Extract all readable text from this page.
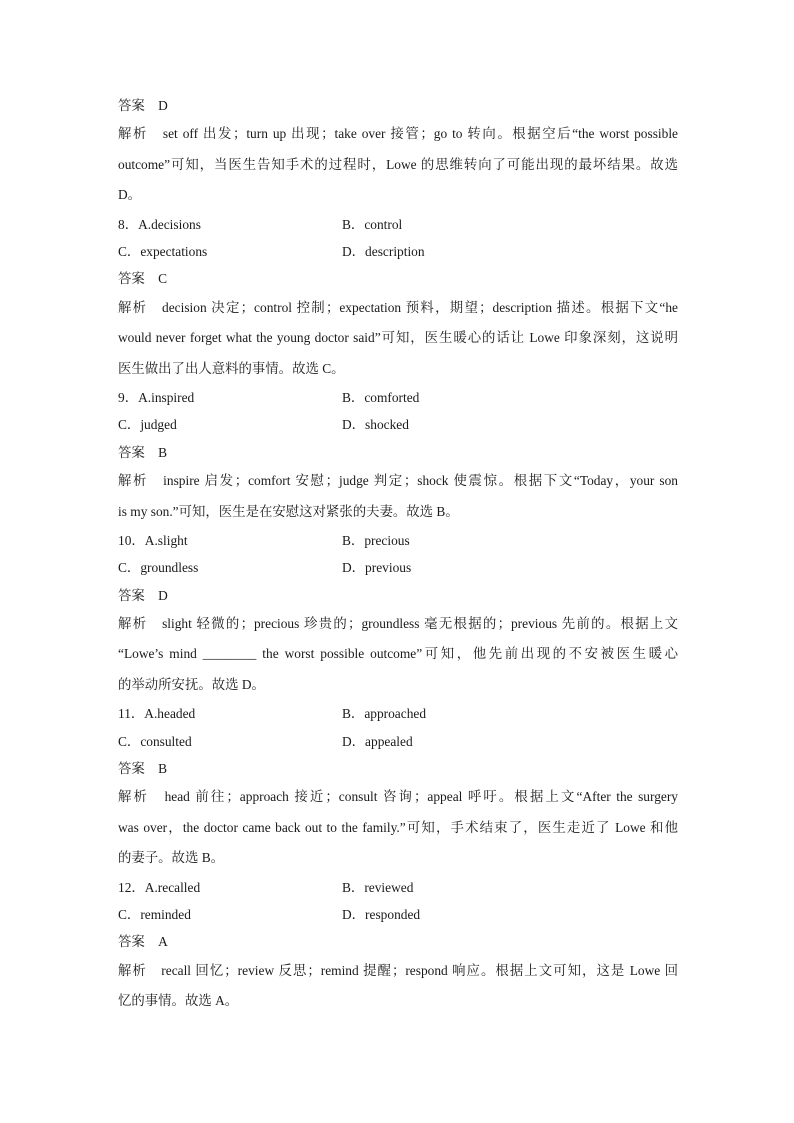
答案　D
解析　set off 出发；turn up 出现；take over 接管；go to 转向。根据空后“the worst possible
outcome”可知，当医生告知手术的过程时，Lowe 的思维转向了可能出现的最坏结果。故选
D。
8．A.decisions	B．control
C．expectations	D．description
答案　C
解析　decision 决定；control 控制；expectation 预料，期望；description 描述。根据下文“he
would never forget what the young doctor said”可知，医生暖心的话让 Lowe 印象深刻，这说明
医生做出了出人意料的事情。故选 C。
9．A.inspired	B．comforted
C．judged	D．shocked
答案　B
解析　inspire 启发；comfort 安慰；judge 判定；shock 使震惊。根据下文“Today，your son
is my son.”可知，医生是在安慰这对紧张的夫妻。故选 B。
10．A.slight	B．precious
C．groundless	D．previous
答案　D
解析　slight 轻微的；precious 珍贵的；groundless 毫无根据的；previous 先前的。根据上文
“Lowe’s mind ________ the worst possible outcome”可知，他先前出现的不安被医生暖心
的举动所安抚。故选 D。
11．A.headed	B．approached
C．consulted	D．appealed
答案　B
解析　head 前往；approach 接近；consult 咨询；appeal 呼吁。根据上文“After the surgery
was over，the doctor came back out to the family.”可知，手术结束了，医生走近了 Lowe 和他
的妻子。故选 B。
12．A.recalled	B．reviewed
C．reminded	D．responded
答案　A
解析　recall 回忆；review 反思；remind 提醒；respond 响应。根据上文可知，这是 Lowe 回
忆的事情。故选 A。
